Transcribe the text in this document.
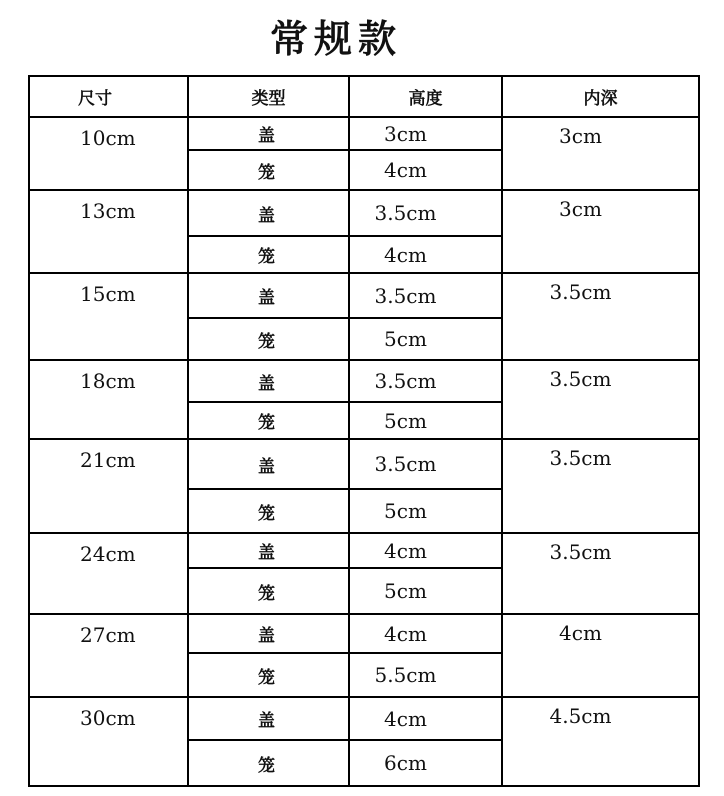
常规款
尺寸	类型	高度	内深
10cm	盖	3cm	3cm
	笼	4cm	
13cm	盖	3.5cm	3cm
	笼	4cm	
15cm	盖	3.5cm	3.5cm
	笼	5cm	
18cm	盖	3.5cm	3.5cm
	笼	5cm	
21cm	盖	3.5cm	3.5cm
	笼	5cm	
24cm	盖	4cm	3.5cm
	笼	5cm	
27cm	盖	4cm	4cm
	笼	5.5cm	
30cm	盖	4cm	4.5cm
	笼	6cm	
